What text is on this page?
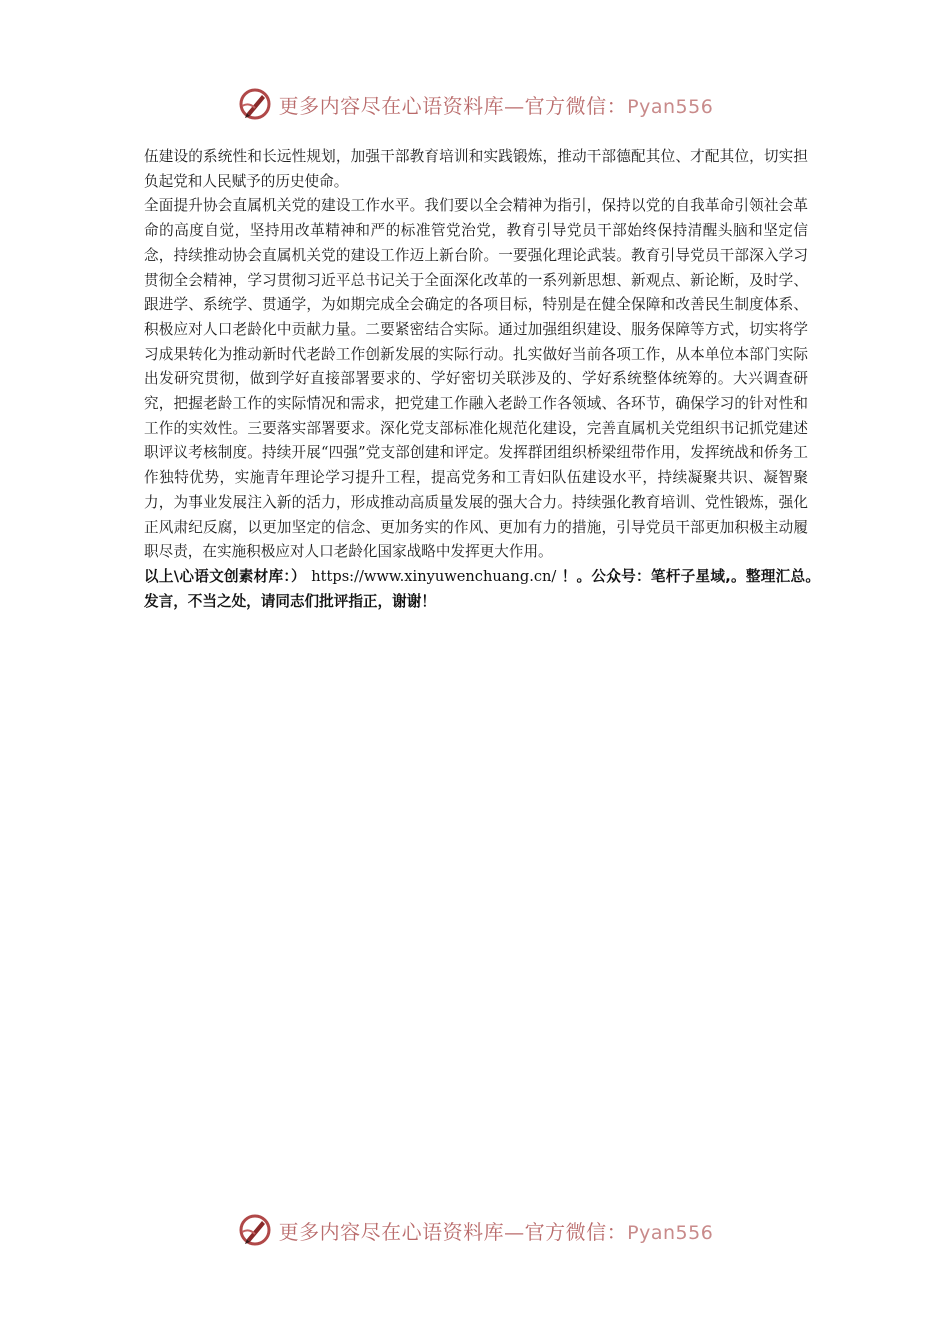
更多内容尽在心语资料库—官方微信：Pyan556

伍建设的系统性和长远性规划，加强干部教育培训和实践锻炼，推动干部德配其位、才配其位，切实担负起党和人民赋予的历史使命。

全面提升协会直属机关党的建设工作水平。我们要以全会精神为指引，保持以党的自我革命引领社会革命的高度自觉，坚持用改革精神和严的标准管党治党，教育引导党员干部始终保持清醒头脑和坚定信念，持续推动协会直属机关党的建设工作迈上新台阶。一要强化理论武装。教育引导党员干部深入学习贯彻全会精神，学习贯彻习近平总书记关于全面深化改革的一系列新思想、新观点、新论断，及时学、跟进学、系统学、贯通学，为如期完成全会确定的各项目标，特别是在健全保障和改善民生制度体系、积极应对人口老龄化中贡献力量。二要紧密结合实际。通过加强组织建设、服务保障等方式，切实将学习成果转化为推动新时代老龄工作创新发展的实际行动。扎实做好当前各项工作，从本单位本部门实际出发研究贯彻，做到学好直接部署要求的、学好密切关联涉及的、学好系统整体统筹的。大兴调查研究，把握老龄工作的实际情况和需求，把党建工作融入老龄工作各领域、各环节，确保学习的针对性和工作的实效性。三要落实部署要求。深化党支部标准化规范化建设，完善直属机关党组织书记抓党建述职评议考核制度。持续开展“四强”党支部创建和评定。发挥群团组织桥梁纽带作用，发挥统战和侨务工作独特优势，实施青年理论学习提升工程，提高党务和工青妇队伍建设水平，持续凝聚共识、凝智聚力，为事业发展注入新的活力，形成推动高质量发展的强大合力。持续强化教育培训、党性锻炼，强化正风肃纪反腐，以更加坚定的信念、更加务实的作风、更加有力的措施，引导党员干部更加积极主动履职尽责，在实施积极应对人口老龄化国家战略中发挥更大作用。

以上\心语文创素材库：） https://www.xinyuwenchuang.cn/ ！。公众号：笔杆子星域,。整理汇总。发言，不当之处，请同志们批评指正，谢谢！
更多内容尽在心语资料库—官方微信：Pyan556
